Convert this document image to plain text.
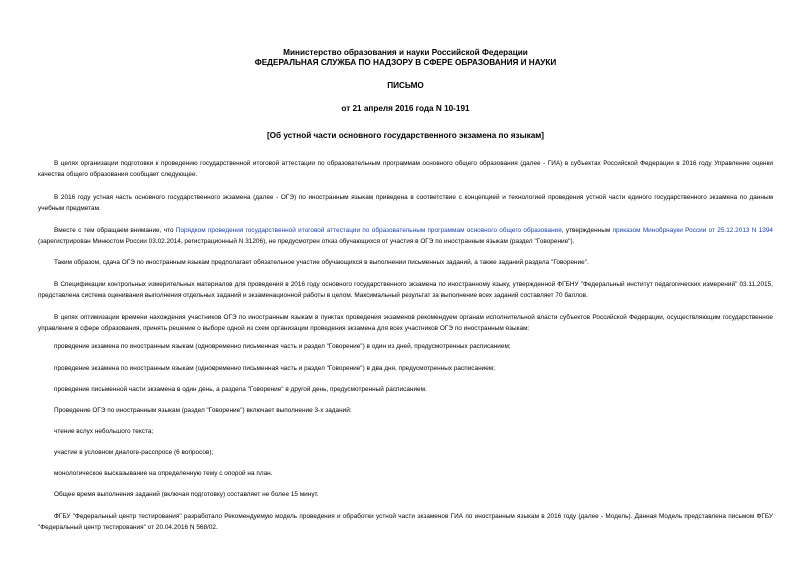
Министерство образования и науки Российской Федерации
ФЕДЕРАЛЬНАЯ СЛУЖБА ПО НАДЗОРУ В СФЕРЕ ОБРАЗОВАНИЯ И НАУКИ
ПИСЬМО
от 21 апреля 2016 года N 10-191
[Об устной части основного государственного экзамена по языкам]
В целях организации подготовки к проведению государственной итоговой аттестации по образовательным программам основного общего образования (далее - ГИА) в субъектах Российской Федерации в 2016 году Управление оценки качества общего образования сообщает следующее.
В 2016 году устная часть основного государственного экзамена (далее - ОГЭ) по иностранным языкам приведена в соответствие с концепцией и технологией проведения устной части единого государственного экзамена по данным учебным предметам.
Вместе с тем обращаем внимание, что Порядком проведения государственной итоговой аттестации по образовательным программам основного общего образования, утвержденным приказом Минобрнауки России от 25.12.2013 N 1394 (зарегистрирован Минюстом России 03.02.2014, регистрационный N 31206), не предусмотрен отказ обучающихся от участия в ОГЭ по иностранным языкам (раздел "Говорение").
Таким образом, сдача ОГЭ по иностранным языкам предполагает обязательное участие обучающихся в выполнении письменных заданий, а также заданий раздела "Говорение".
В Спецификации контрольных измерительных материалов для проведения в 2016 году основного государственного экзамена по иностранному языку, утвержденной ФГБНУ "Федеральный институт педагогических измерений" 03.11.2015, представлена система оценивания выполнения отдельных заданий и экзаменационной работы в целом. Максимальный результат за выполнение всех заданий составляет 70 баллов.
В целях оптимизации времени нахождения участников ОГЭ по иностранным языкам в пунктах проведения экзаменов рекомендуем органам исполнительной власти субъектов Российской Федерации, осуществляющим государственное управление в сфере образования, принять решение о выборе одной из схем организации проведения экзамена для всех участников ОГЭ по иностранным языкам:
проведение экзамена по иностранным языкам (одновременно письменная часть и раздел "Говорение") в один из дней, предусмотренных расписанием;
проведение экзамена по иностранным языкам (одновременно письменная часть и раздел "Говорение") в два дня, предусмотренных расписанием;
проведение письменной части экзамена в один день, а раздела "Говорение" в другой день, предусмотренный расписанием.
Проведение ОГЭ по иностранным языкам (раздел "Говорение") включает выполнение 3-х заданий:
чтение вслух небольшого текста;
участие в условном диалоге-расспросе (6 вопросов);
монологическое высказывание на определенную тему с опорой на план.
Общее время выполнения заданий (включая подготовку) составляет не более 15 минут.
ФГБУ "Федеральный центр тестирования" разработало Рекомендуемую модель проведения и обработки устной части экзаменов ГИА по иностранным языкам в 2016 году (далее - Модель). Данная Модель представлена письмом ФГБУ "Федеральный центр тестирования" от 20.04.2016 N 568/02.
